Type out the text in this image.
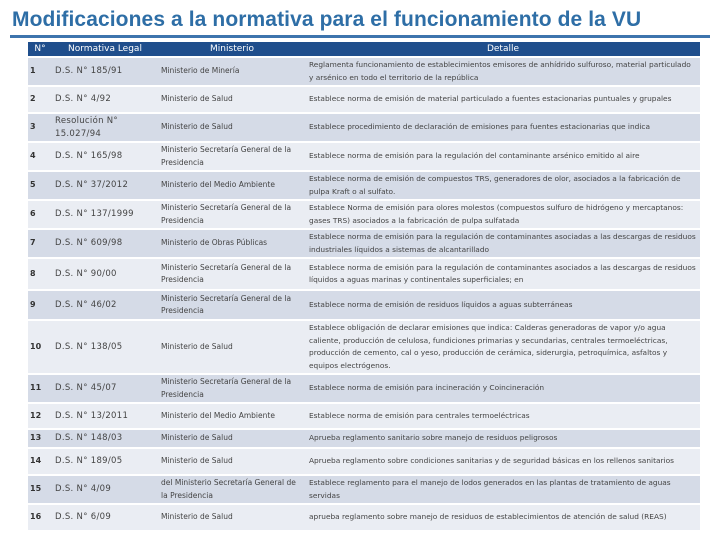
Modificaciones a la normativa para el funcionamiento de la VU
N°	Normativa Legal	Ministerio	Detalle
1	D.S. N° 185/91	Ministerio de Minería	Reglamenta funcionamiento de establecimientos emisores de anhídrido sulfuroso, material particulado y arsénico en todo el territorio de la república
2	D.S. N° 4/92	Ministerio de Salud	Establece norma de emisión de material particulado a fuentes estacionarias puntuales y grupales
3	Resolución N° 15.027/94	Ministerio de Salud	Establece procedimiento de declaración de emisiones para fuentes estacionarias que indica
4	D.S. N° 165/98	Ministerio Secretaría General de la Presidencia	Establece norma de emisión para la regulación del contaminante arsénico emitido al aire
5	D.S. N° 37/2012	Ministerio del Medio Ambiente	Establece norma de emisión de compuestos TRS, generadores de olor, asociados a la fabricación de pulpa Kraft o al sulfato.
6	D.S. N° 137/1999	Ministerio Secretaría General de la Presidencia	Establece Norma de emisión para olores molestos (compuestos sulfuro de hidrógeno y mercaptanos: gases TRS) asociados a la fabricación de pulpa sulfatada
7	D.S. N° 609/98	Ministerio de Obras Públicas	Establece norma de emisión para la regulación de contaminantes asociadas a las descargas de residuos industriales líquidos a sistemas de alcantarillado
8	D.S. N° 90/00	Ministerio Secretaría General de la Presidencia	Establece norma de emisión para la regulación de contaminantes asociados a las descargas de residuos líquidos a aguas marinas y continentales superficiales; en
9	D.S. N° 46/02	Ministerio Secretaría General de la Presidencia	Establece norma de emisión de residuos líquidos a aguas subterráneas
10	D.S. N° 138/05	Ministerio de Salud	Establece obligación de declarar emisiones que indica: Calderas generadoras de vapor y/o agua caliente, producción de celulosa, fundiciones primarias y secundarias, centrales termoeléctricas, producción de cemento, cal o yeso, producción de cerámica, siderurgia, petroquímica, asfaltos y equipos electrógenos.
11	D.S. N° 45/07	Ministerio Secretaría General de la Presidencia	Establece norma de emisión para incineración y Coincineración
12	D.S. N° 13/2011	Ministerio del Medio Ambiente	Establece norma de emisión para centrales termoeléctricas
13	D.S. N° 148/03	Ministerio de Salud	Aprueba reglamento sanitario sobre manejo de residuos peligrosos
14	D.S. N° 189/05	Ministerio de Salud	Aprueba reglamento sobre condiciones sanitarias y de seguridad básicas en los rellenos sanitarios
15	D.S. N° 4/09	del Ministerio Secretaría General de la Presidencia	Establece reglamento para el manejo de lodos generados en las plantas de tratamiento de aguas servidas
16	D.S. N° 6/09	Ministerio de Salud	aprueba reglamento sobre manejo de residuos de establecimientos de atención de salud (REAS)
